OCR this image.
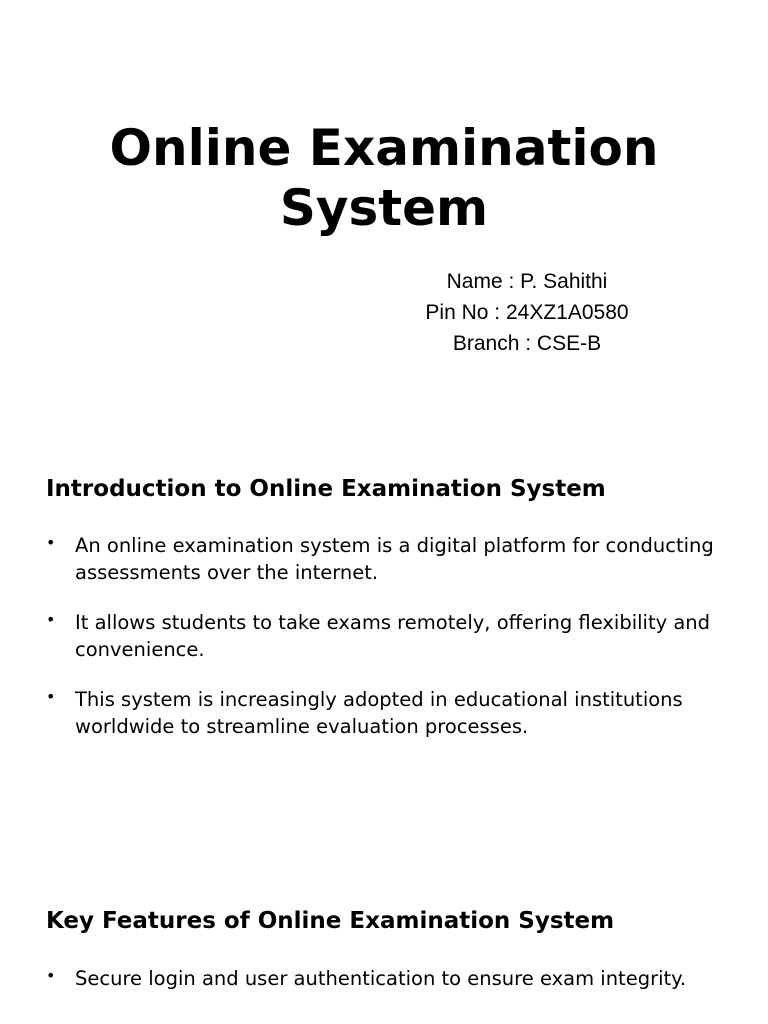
Online Examination
System
Name : P. Sahithi
Pin No : 24XZ1A0580
Branch : CSE-B
Introduction to Online Examination System
• An online examination system is a digital platform for conducting assessments over the internet.
• It allows students to take exams remotely, offering flexibility and convenience.
• This system is increasingly adopted in educational institutions worldwide to streamline evaluation processes.
Key Features of Online Examination System
• Secure login and user authentication to ensure exam integrity.
